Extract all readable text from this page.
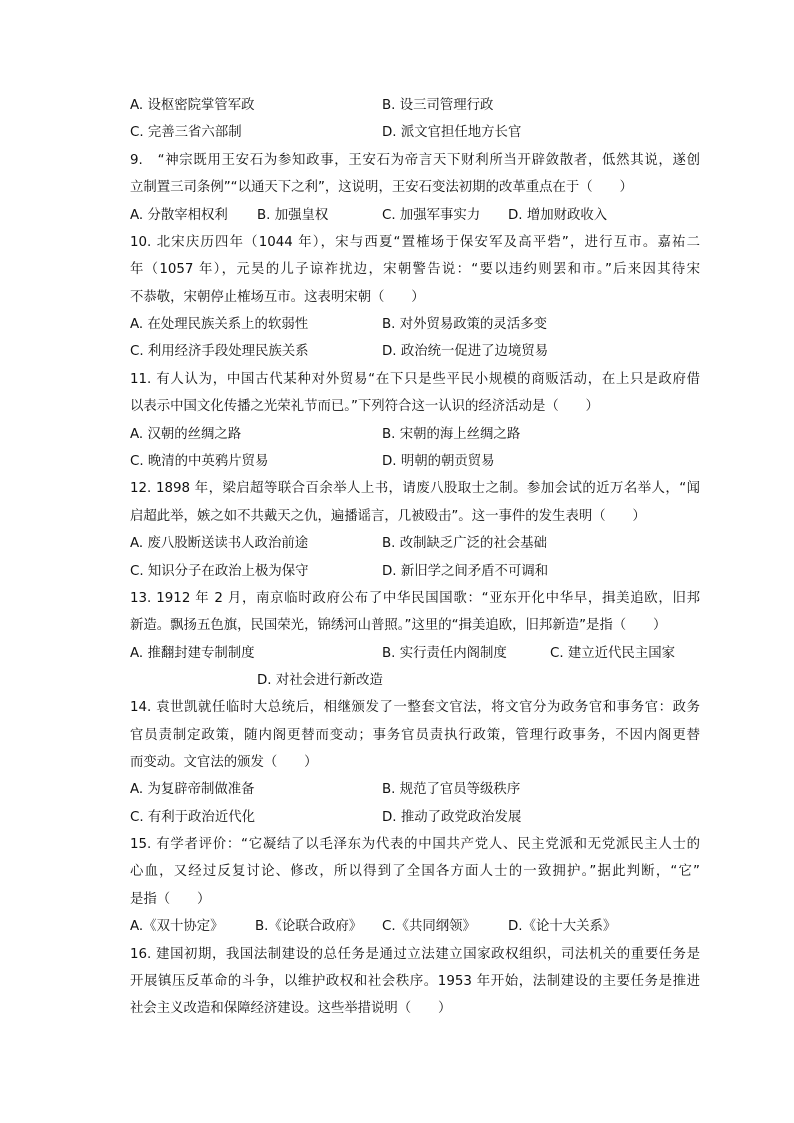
A. 设枢密院掌管军政	B. 设三司管理行政
C. 完善三省六部制	D. 派文官担任地方长官
9.　“神宗既用王安石为参知政事，王安石为帝言天下财利所当开辟敛散者，低然其说，遂创
立制置三司条例”“以通天下之利”，这说明，王安石变法初期的改革重点在于（　　）
A. 分散宰相权利 B. 加强皇权	C. 加强军事实力 D. 增加财政收入
10. 北宋庆历四年（1044 年），宋与西夏“置榷场于保安军及高平砦”，进行互市。嘉祐二
年（1057 年），元昊的儿子谅祚扰边，宋朝警告说：“要以违约则罢和市。”后来因其待宋
不恭敬，宋朝停止榷场互市。这表明宋朝（　　）
A. 在处理民族关系上的软弱性	B. 对外贸易政策的灵活多变
C. 利用经济手段处理民族关系	D. 政治统一促进了边境贸易
11. 有人认为，中国古代某种对外贸易“在下只是些平民小规模的商贩活动，在上只是政府借
以表示中国文化传播之光荣礼节而已。”下列符合这一认识的经济活动是（　　）
A. 汉朝的丝绸之路	B. 宋朝的海上丝绸之路
C. 晚清的中英鸦片贸易	D. 明朝的朝贡贸易
12. 1898 年，梁启超等联合百余举人上书，请废八股取士之制。参加会试的近万名举人，“闻
启超此举，嫉之如不共戴天之仇，遍播谣言，几被殴击”。这一事件的发生表明（　　）
A. 废八股断送读书人政治前途	B. 改制缺乏广泛的社会基础
C. 知识分子在政治上极为保守	D. 新旧学之间矛盾不可调和
13. 1912 年 2 月，南京临时政府公布了中华民国国歌：“亚东开化中华早，揖美追欧，旧邦
新造。飘扬五色旗，民国荣光，锦绣河山普照。”这里的“揖美追欧，旧邦新造”是指（　　）
A. 推翻封建专制制度	B. 实行责任内阁制度	C. 建立近代民主国家
D. 对社会进行新改造
14. 袁世凯就任临时大总统后，相继颁发了一整套文官法，将文官分为政务官和事务官：政务
官员责制定政策，随内阁更替而变动；事务官员责执行政策，管理行政事务，不因内阁更替
而变动。文官法的颁发（　　）
A. 为复辟帝制做准备	B. 规范了官员等级秩序
C. 有利于政治近代化	D. 推动了政党政治发展
15. 有学者评价：“它凝结了以毛泽东为代表的中国共产党人、民主党派和无党派民主人士的
心血，又经过反复讨论、修改，所以得到了全国各方面人士的一致拥护。”据此判断，“它”
是指（　　）
A.《双十协定》 B.《论联合政府》 C.《共同纲领》 D.《论十大关系》
16. 建国初期，我国法制建设的总任务是通过立法建立国家政权组织，司法机关的重要任务是
开展镇压反革命的斗争，以维护政权和社会秩序。1953 年开始，法制建设的主要任务是推进
社会主义改造和保障经济建设。这些举措说明（　　）
